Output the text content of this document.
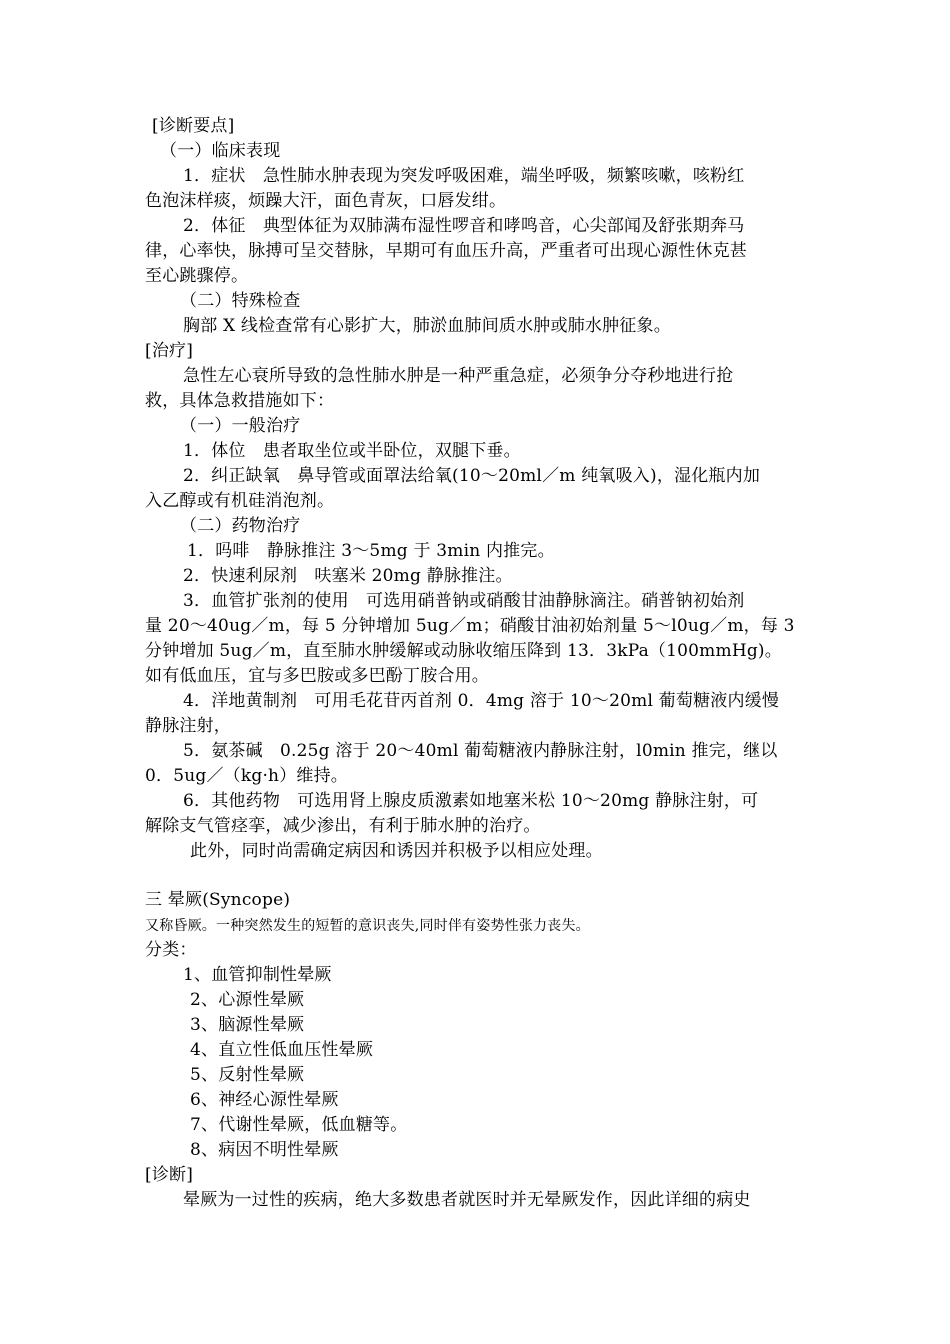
[诊断要点]
（一）临床表现
1．症状　急性肺水肿表现为突发呼吸困难，端坐呼吸，频繁咳嗽，咳粉红
色泡沫样痰，烦躁大汗，面色青灰，口唇发绀。
2．体征　典型体征为双肺满布湿性啰音和哮鸣音，心尖部闻及舒张期奔马
律，心率快，脉搏可呈交替脉，早期可有血压升高，严重者可出现心源性休克甚
至心跳骤停。
（二）特殊检查
胸部 X 线检查常有心影扩大，肺淤血肺间质水肿或肺水肿征象。
[治疗]
急性左心衰所导致的急性肺水肿是一种严重急症，必须争分夺秒地进行抢
救，具体急救措施如下：
（一）一般治疗
1．体位　患者取坐位或半卧位，双腿下垂。
2．纠正缺氧　鼻导管或面罩法给氧(10～20ml／m 纯氧吸入)，湿化瓶内加
入乙醇或有机硅消泡剂。
（二）药物治疗
1．吗啡　静脉推注 3～5mg 于 3min 内推完。
2．快速利尿剂　呋塞米 20mg 静脉推注。
3．血管扩张剂的使用　可选用硝普钠或硝酸甘油静脉滴注。硝普钠初始剂
量 20～40ug／m，每 5 分钟增加 5ug／m；硝酸甘油初始剂量 5～l0ug／m，每 3
分钟增加 5ug／m，直至肺水肿缓解或动脉收缩压降到 13．3kPa（100mmHg)。
如有低血压，宜与多巴胺或多巴酚丁胺合用。
4．洋地黄制剂　可用毛花苷丙首剂 0．4mg 溶于 10～20ml 葡萄糖液内缓慢
静脉注射，
5．氨茶碱　0.25g 溶于 20～40ml 葡萄糖液内静脉注射，l0min 推完，继以
0．5ug／（kg·h）维持。
6．其他药物　可选用肾上腺皮质激素如地塞米松 10～20mg 静脉注射，可
解除支气管痉挛，减少渗出，有利于肺水肿的治疗。
此外，同时尚需确定病因和诱因并积极予以相应处理。
三 晕厥(Syncope)
又称昏厥。一种突然发生的短暂的意识丧失,同时伴有姿势性张力丧失。
分类：
1、血管抑制性晕厥
2、心源性晕厥
3、脑源性晕厥
4、直立性低血压性晕厥
5、反射性晕厥
6、神经心源性晕厥
7、代谢性晕厥，低血糖等。
8、病因不明性晕厥
[诊断]
晕厥为一过性的疾病，绝大多数患者就医时并无晕厥发作，因此详细的病史
